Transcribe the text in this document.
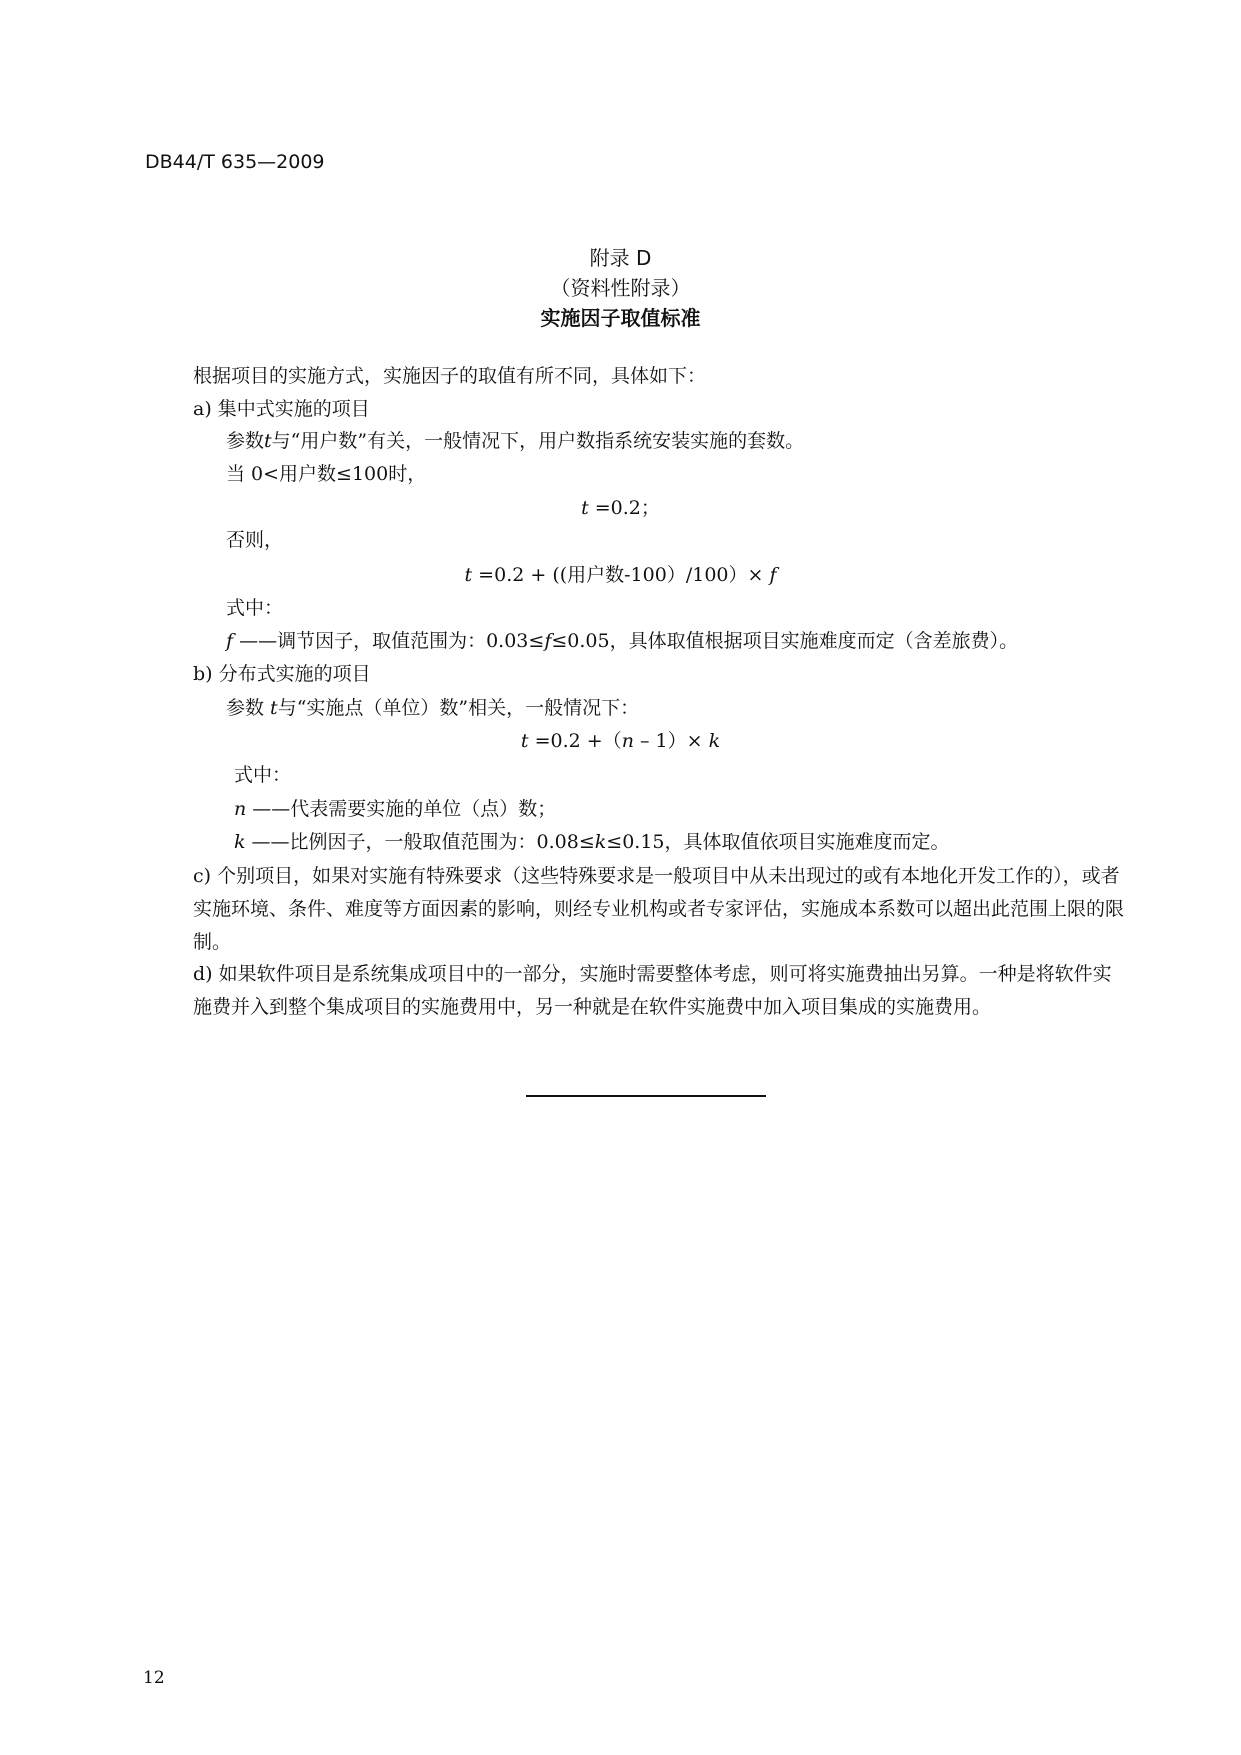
DB44/T 635—2009
附录 D
（资料性附录）
实施因子取值标准
根据项目的实施方式，实施因子的取值有所不同，具体如下：
a) 集中式实施的项目
参数t与“用户数”有关，一般情况下，用户数指系统安装实施的套数。
当 0<用户数≤100时，
t =0.2；
否则，
t =0.2 + ((用户数-100）/100）× f
式中：
f ——调节因子，取值范围为：0.03≤f≤0.05，具体取值根据项目实施难度而定（含差旅费）。
b) 分布式实施的项目
参数 t与“实施点（单位）数”相关，一般情况下：
t =0.2 +（n – 1）× k
式中：
n ——代表需要实施的单位（点）数；
k ——比例因子，一般取值范围为：0.08≤k≤0.15，具体取值依项目实施难度而定。
c) 个别项目，如果对实施有特殊要求（这些特殊要求是一般项目中从未出现过的或有本地化开发工作的），或者实施环境、条件、难度等方面因素的影响，则经专业机构或者专家评估，实施成本系数可以超出此范围上限的限制。
d) 如果软件项目是系统集成项目中的一部分，实施时需要整体考虑，则可将实施费抽出另算。一种是将软件实施费并入到整个集成项目的实施费用中，另一种就是在软件实施费中加入项目集成的实施费用。
12
